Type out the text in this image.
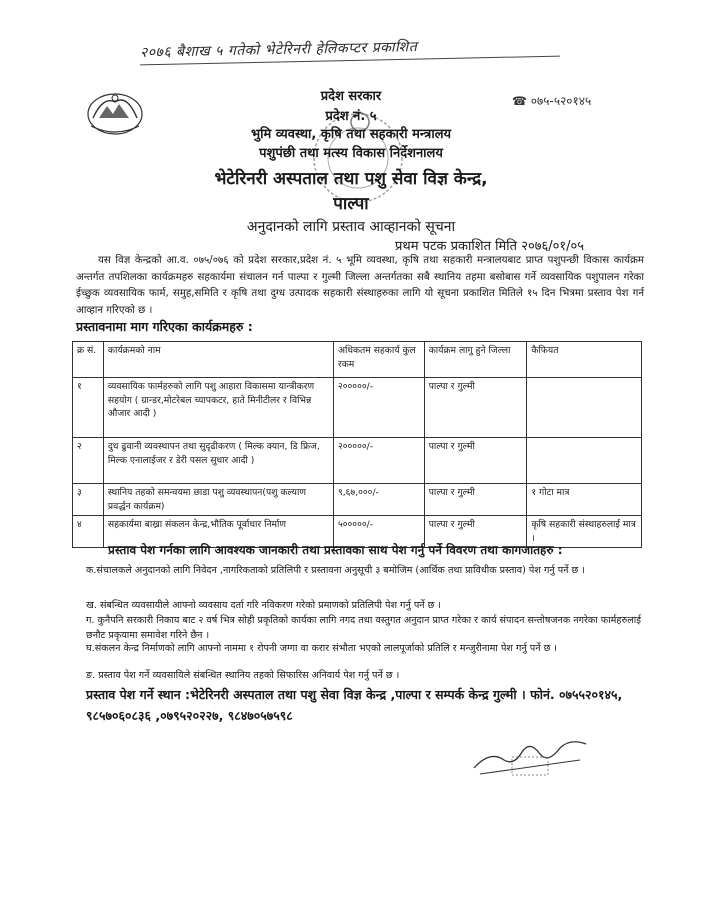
२०७६ बैशाख ५ गतेको भेटेरिनरी हेलिकप्टर प्रकाशित
☎ ०७५-५२०१४५
प्रदेश सरकार
प्रदेश नं. ५
भुमि व्यवस्था, कृषि तथा सहकारी मन्त्रालय
पशुपंछी तथा मत्स्य विकास निर्देशनालय
भेटेरिनरी अस्पताल तथा पशु सेवा विज्ञ केन्द्र,
पाल्पा
अनुदानको लागि प्रस्ताव आव्हानको सूचना
प्रथम पटक प्रकाशित मिति २०७६/०१/०५
यस विज्ञ केन्द्रको आ.व. ०७५/०७६ को प्रदेश सरकार,प्रदेश नं. ५ भूमि व्यवस्था, कृषि तथा सहकारी मन्त्रालयबाट प्राप्त पशुपन्छी विकास कार्यक्रम अन्तर्गत तपशिलका कार्यक्रमहरु सहकार्यमा संचालन गर्न पाल्पा र गुल्मी जिल्ला अन्तर्गतका सबै स्थानिय तहमा बसोबास गर्ने व्यवसायिक पशुपालन गरेका ईच्छुक व्यवसायिक फार्म, समुह,समिति र कृषि तथा दुग्ध उत्पादक सहकारी संस्थाहरुका लागि यो सूचना प्रकाशित मितिले १५ दिन भित्रमा प्रस्ताव पेश गर्न आव्हान गरिएको छ ।
प्रस्तावनामा माग गरिएका कार्यक्रमहरु :
क्र सं.	कार्यक्रमको नाम	अधिकतम सहकार्य कुल रकम	कार्यक्रम लागु हुने जिल्ला	कैफियत
१	व्यवसायिक फार्महरुको लागि पशु आहारा विकासमा यान्त्रीकरण सहयोग ( ग्रान्डर,मोटरेबल च्यापकटर, हाते मिनीटीलर र विभिन्न औजार आदी )	२०००००/-	पाल्पा र गुल्मी	
२	दुध ढुवानी व्यवस्थापन तथा सुदृढीकरण ( मिल्क क्यान, डि फ्रिज, मिल्क एनालाईजर र डेरी पसल सुधार आदी )	२०००००/-	पाल्पा र गुल्मी	
३	स्थानिय तहको समन्वयमा छाडा पशु व्यवस्थापन(पशु कल्याण प्रवर्द्धन कार्यक्रम)	९,६७,०००/-	पाल्पा र गुल्मी	१ गोटा मात्र
४	सहकार्यमा बाख्रा संकलन केन्द्र,भौतिक पूर्वाधार निर्माण	५०००००/-	पाल्पा र गुल्मी	कृषि सहकारी संस्थाहरुलाई मात्र ।
प्रस्ताव पेश गर्नका लागि आवश्यक जानकारी तथा प्रस्तावका साथ पेश गर्नु पर्ने विवरण तथा कागजातहरु :
क.संचालकले अनुदानको लागि निवेदन ,नागरिकताको प्रतिलिपी र प्रस्तावना अनुसूची ३ बमोजिम (आर्थिक तथा प्राविधीक प्रस्ताव) पेश गर्नु पर्ने छ ।
ख. संबन्धित व्यवसायीले आफ्नो व्यवसाय दर्ता गरि नविकरण गरेको प्रमाणको प्रतिलिपी पेश गर्नु पर्ने छ ।
ग. कुनैपनि सरकारी निकाय बाट २ वर्ष भित्र सोही प्रकृतिको कार्यका लागि नगद तथा वस्तुगत अनुदान प्राप्त गरेका र कार्य संपादन सन्तोषजनक नगरेका फार्महरुलाई छनौट प्रकृयामा समावेश गरिने छैन ।
घ.संकलन केन्द्र निर्माणको लागि आफ्नो नाममा १ रोपनी जग्गा वा करार संभौता भएको लालपूर्जाको प्रतिलि र मन्जुरीनामा पेश गर्नु पर्ने छ ।
ङ. प्रस्ताव पेश गर्ने व्यवसायिले संबन्धित स्थानिय तहको सिफारिस अनिवार्य पेश गर्नु पर्ने छ ।
प्रस्ताव पेश गर्ने स्थान :भेटेरिनरी अस्पताल तथा पशु सेवा विज्ञ केन्द्र ,पाल्पा र सम्पर्क केन्द्र गुल्मी । फोनं. ०७५५२०१४५, ९८५७०६०८३६ ,०७९५२०२२७, ९८४७०५७५९८
